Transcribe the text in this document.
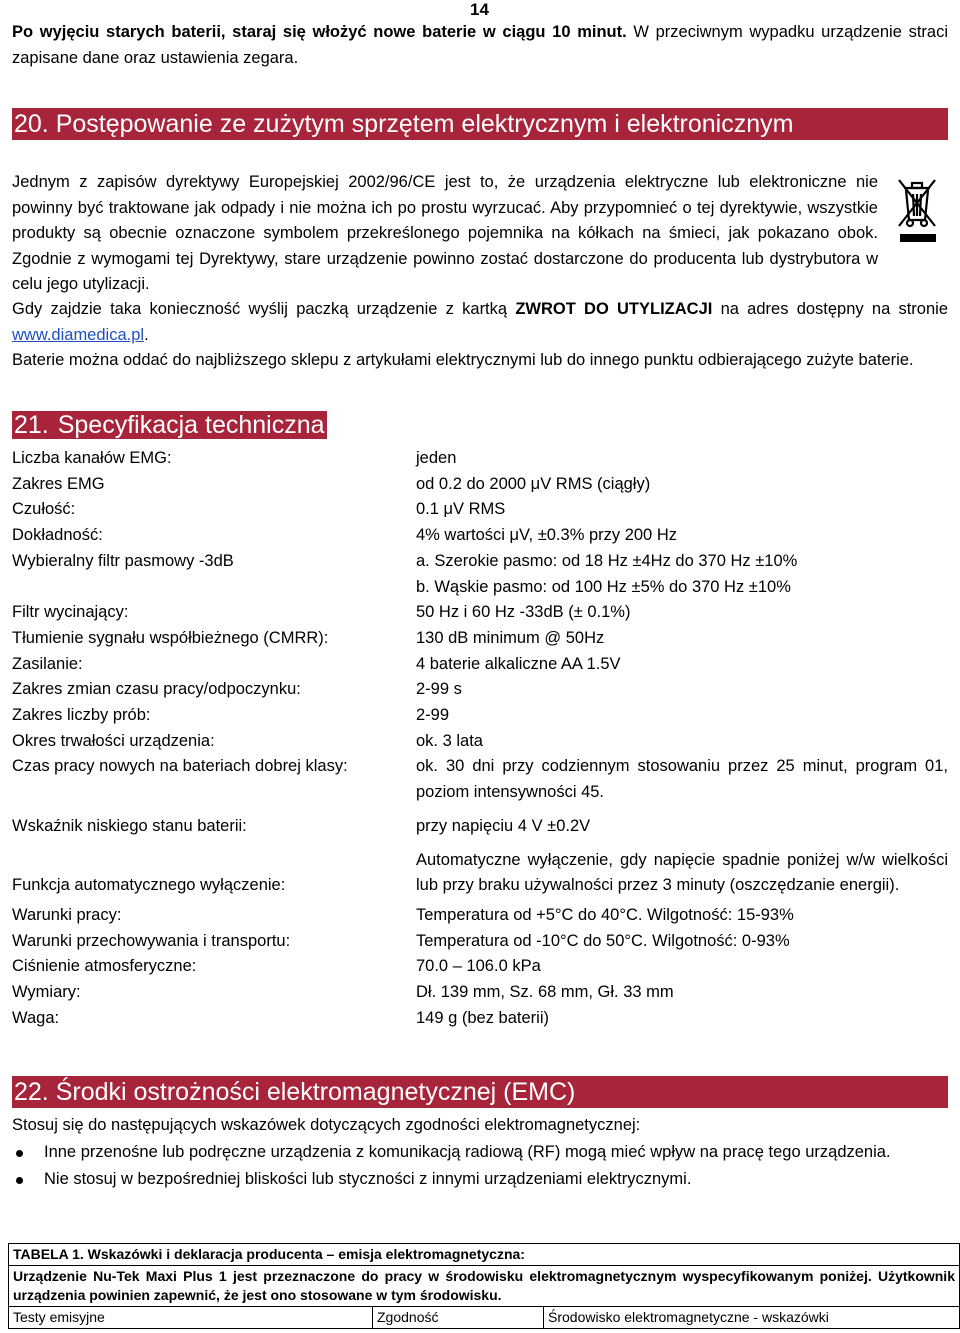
14
Po wyjęciu starych baterii, staraj się włożyć nowe baterie w ciągu 10 minut. W przeciwnym wypadku urządzenie straci zapisane dane oraz ustawienia zegara.
20. Postępowanie ze zużytym sprzętem elektrycznym i elektronicznym
Jednym z zapisów dyrektywy Europejskiej 2002/96/CE jest to, że urządzenia elektryczne lub elektroniczne nie powinny być traktowane jak odpady i nie można ich po prostu wyrzucać. Aby przypomnieć o tej dyrektywie, wszystkie produkty są obecnie oznaczone symbolem przekreślonego pojemnika na kółkach na śmieci, jak pokazano obok. Zgodnie z wymogami tej Dyrektywy, stare urządzenie powinno zostać dostarczone do producenta lub dystrybutora w celu jego utylizacji.
Gdy zajdzie taka konieczność wyślij paczką urządzenie z kartką ZWROT DO UTYLIZACJI na adres dostępny na stronie www.diamedica.pl.
Baterie można oddać do najbliższego sklepu z artykułami elektrycznymi lub do innego punktu odbierającego zużyte baterie.
21. Specyfikacja techniczna
Liczba kanałów EMG:	jeden
Zakres EMG	od 0.2 do 2000 μV RMS (ciągły)
Czułość:	0.1 μV RMS
Dokładność:	4% wartości μV, ±0.3% przy 200 Hz
Wybieralny filtr pasmowy -3dB	a. Szerokie pasmo: od 18 Hz ±4Hz do 370 Hz ±10%
b. Wąskie pasmo: od 100 Hz ±5% do 370 Hz ±10%
Filtr wycinający:	50 Hz i 60 Hz -33dB (± 0.1%)
Tłumienie sygnału współbieżnego (CMRR):	130 dB minimum @ 50Hz
Zasilanie:	4 baterie alkaliczne AA 1.5V
Zakres zmian czasu pracy/odpoczynku:	2-99 s
Zakres liczby prób:	2-99
Okres trwałości urządzenia:	ok. 3 lata
Czas pracy nowych na bateriach dobrej klasy:	ok. 30 dni przy codziennym stosowaniu przez 25 minut, program 01, poziom intensywności 45.
Wskaźnik niskiego stanu baterii:	przy napięciu 4 V ±0.2V
Funkcja automatycznego wyłączenie:
Automatyczne wyłączenie, gdy napięcie spadnie poniżej w/w wielkości lub przy braku używalności przez 3 minuty (oszczędzanie energii).
Warunki pracy:	Temperatura od +5°C do 40°C. Wilgotność: 15-93%
Warunki przechowywania i transportu:	Temperatura od -10°C do 50°C. Wilgotność: 0-93%
Ciśnienie atmosferyczne:	70.0 – 106.0 kPa
Wymiary:	Dł. 139 mm, Sz. 68 mm, Gł. 33 mm
Waga:	149 g (bez baterii)
22. Środki ostrożności elektromagnetycznej (EMC)
Stosuj się do następujących wskazówek dotyczących zgodności elektromagnetycznej:
Inne przenośne lub podręczne urządzenia z komunikacją radiową (RF) mogą mieć wpływ na pracę tego urządzenia.
Nie stosuj w bezpośredniej bliskości lub styczności z innymi urządzeniami elektrycznymi.
TABELA 1. Wskazówki i deklaracja producenta – emisja elektromagnetyczna:
Urządzenie Nu-Tek Maxi Plus 1 jest przeznaczone do pracy w środowisku elektromagnetycznym wyspecyfikowanym poniżej. Użytkownik urządzenia powinien zapewnić, że jest ono stosowane w tym środowisku.
Testy emisyjne	Zgodność	Środowisko elektromagnetyczne - wskazówki
